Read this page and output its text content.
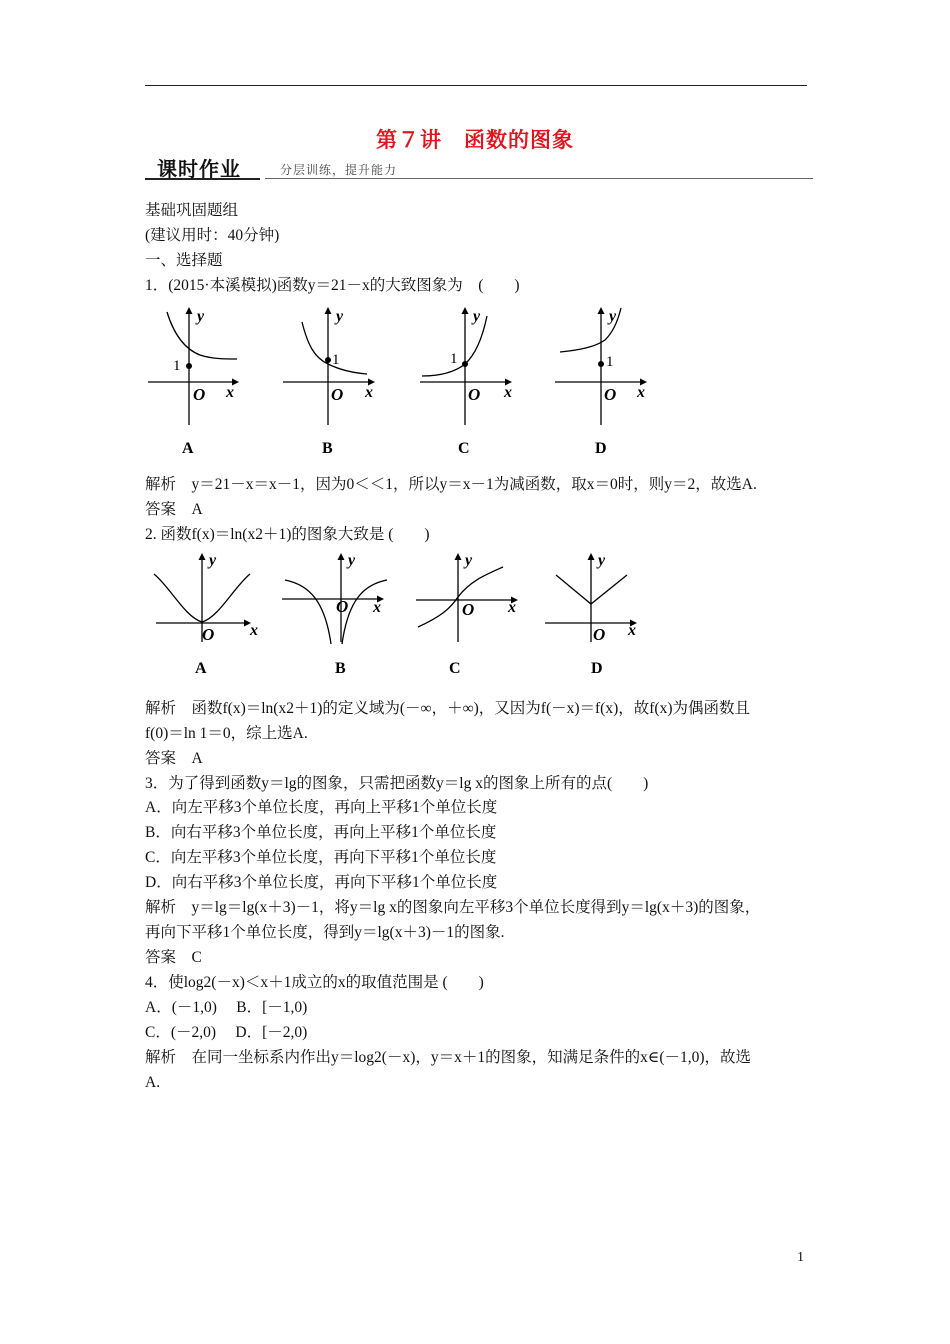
第７讲　函数的图象
课时作业	分层训练，提升能力
基础巩固题组
(建议用时：40分钟)
一、选择题
1．(2015·本溪模拟)函数y＝21－x的大致图象为　(　　)
1
y
O x
A
1
y
O x
B
1
y
O x
C
1
y
O x
D
解析　y＝21－x＝x－1，因为0＜＜1，所以y＝x－1为减函数，取x＝0时，则y＝2，故选A.
答案　A
2. 函数f(x)＝ln(x2＋1)的图象大致是 (　　)
y
O x
A
y
O x
B
y
O x
C
y
O x
D
解析　函数f(x)＝ln(x2＋1)的定义域为(－∞，＋∞)，又因为f(－x)＝f(x)，故f(x)为偶函数且
f(0)＝ln 1＝0，综上选A.
答案　A
3．为了得到函数y＝lg的图象，只需把函数y＝lg x的图象上所有的点(　　)
A．向左平移3个单位长度，再向上平移1个单位长度
B．向右平移3个单位长度，再向上平移1个单位长度
C．向左平移3个单位长度，再向下平移1个单位长度
D．向右平移3个单位长度，再向下平移1个单位长度
解析　y＝lg＝lg(x＋3)－1，将y＝lg x的图象向左平移3个单位长度得到y＝lg(x＋3)的图象，
再向下平移1个单位长度，得到y＝lg(x＋3)－1的图象.
答案　C
4．使log2(－x)＜x＋1成立的x的取值范围是 (　　)
A．(－1,0)　 B．[－1,0)
C．(－2,0)　 D．[－2,0)
解析　在同一坐标系内作出y＝log2(－x)，y＝x＋1的图象，知满足条件的x∈(－1,0)，故选
A.
1
